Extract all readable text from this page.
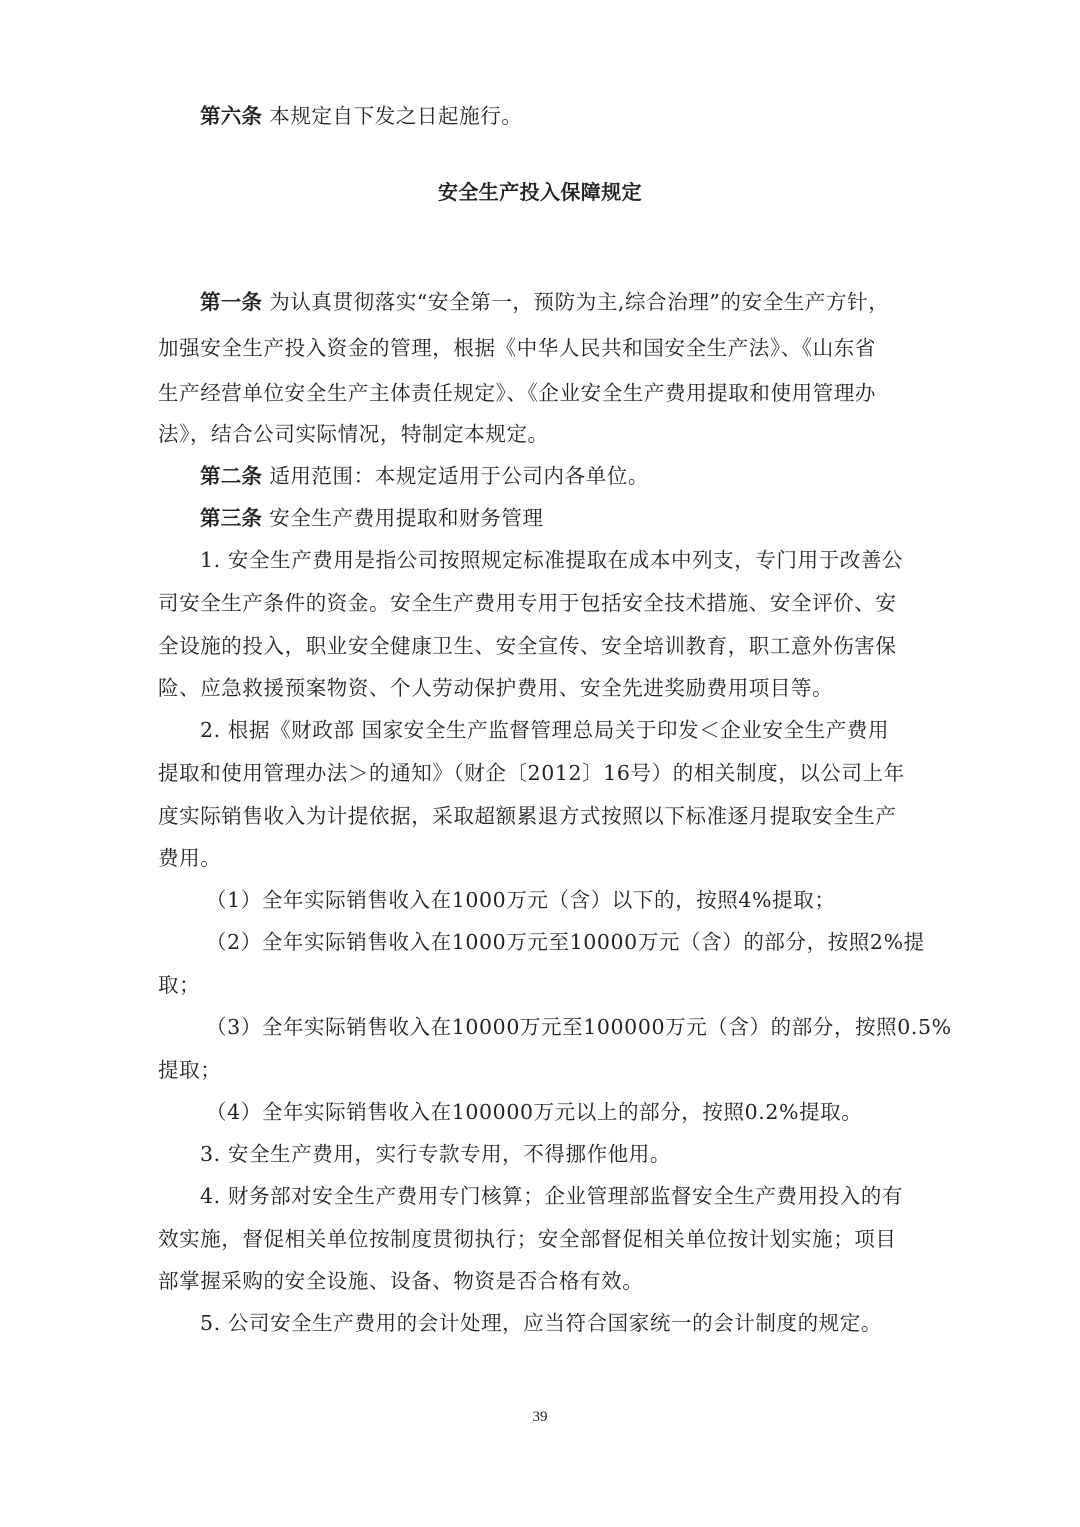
第六条 本规定自下发之日起施行。
安全生产投入保障规定
第一条 为认真贯彻落实“安全第一，预防为主,综合治理”的安全生产方针，
加强安全生产投入资金的管理，根据《中华人民共和国安全生产法》、《山东省
生产经营单位安全生产主体责任规定》、《企业安全生产费用提取和使用管理办
法》，结合公司实际情况，特制定本规定。
第二条 适用范围：本规定适用于公司内各单位。
第三条 安全生产费用提取和财务管理
1. 安全生产费用是指公司按照规定标准提取在成本中列支，专门用于改善公
司安全生产条件的资金。安全生产费用专用于包括安全技术措施、安全评价、安
全设施的投入，职业安全健康卫生、安全宣传、安全培训教育，职工意外伤害保
险、应急救援预案物资、个人劳动保护费用、安全先进奖励费用项目等。
2. 根据《财政部 国家安全生产监督管理总局关于印发＜企业安全生产费用
提取和使用管理办法＞的通知》（财企〔2012〕16号）的相关制度，以公司上年
度实际销售收入为计提依据，采取超额累退方式按照以下标准逐月提取安全生产
费用。
（1）全年实际销售收入在1000万元（含）以下的，按照4%提取；
（2）全年实际销售收入在1000万元至10000万元（含）的部分，按照2%提
取；
（3）全年实际销售收入在10000万元至100000万元（含）的部分，按照0.5%
提取；
（4）全年实际销售收入在100000万元以上的部分，按照0.2%提取。
3. 安全生产费用，实行专款专用，不得挪作他用。
4. 财务部对安全生产费用专门核算；企业管理部监督安全生产费用投入的有
效实施，督促相关单位按制度贯彻执行；安全部督促相关单位按计划实施；项目
部掌握采购的安全设施、设备、物资是否合格有效。
5. 公司安全生产费用的会计处理，应当符合国家统一的会计制度的规定。
39
